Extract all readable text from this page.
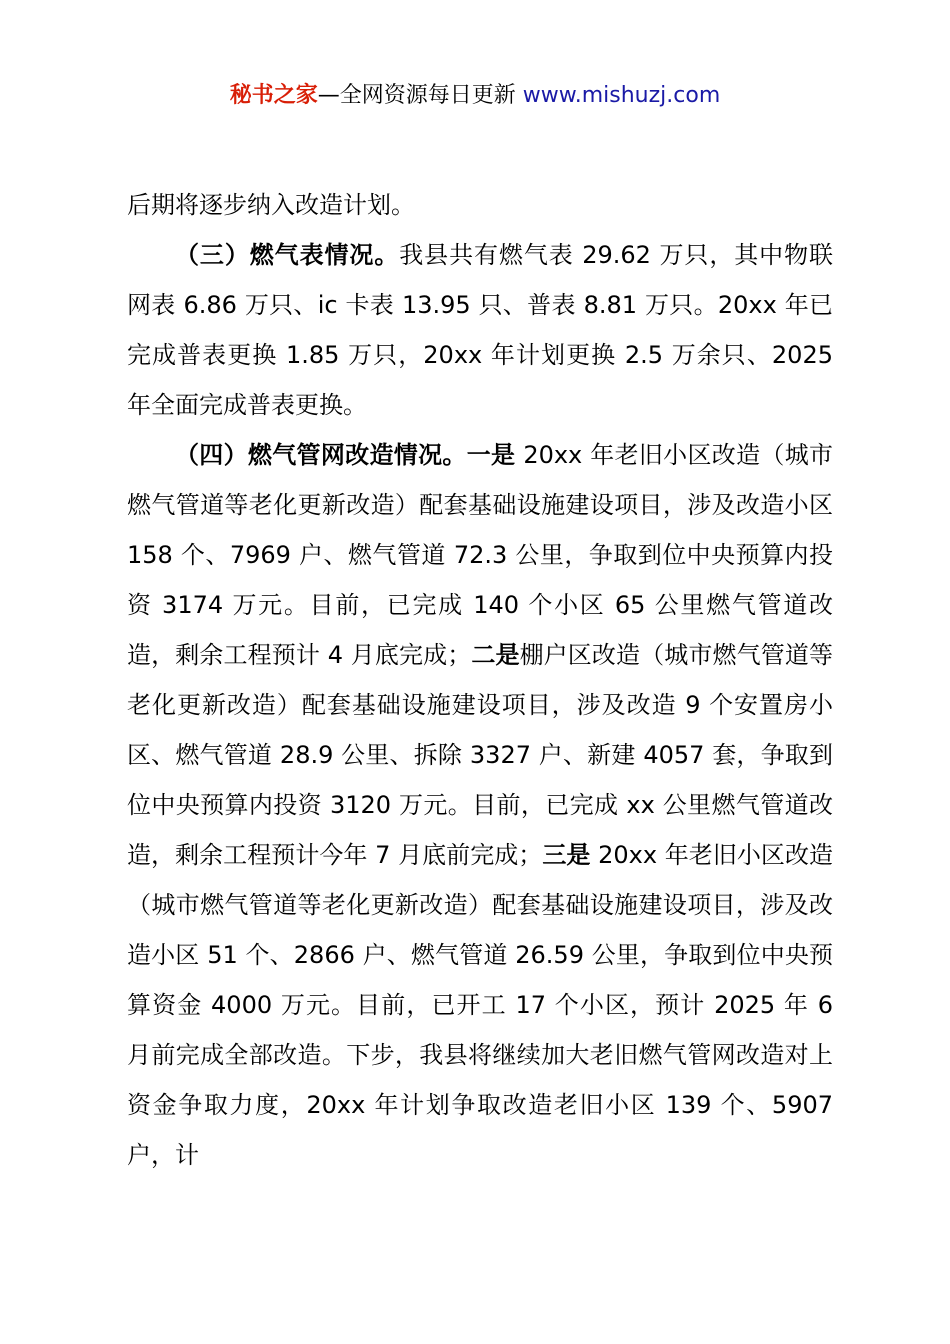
秘书之家—全网资源每日更新 www.mishuzj.com

后期将逐步纳入改造计划。

（三）燃气表情况。我县共有燃气表 29.62 万只，其中物联网表 6.86 万只、ic 卡表 13.95 只、普表 8.81 万只。20xx 年已完成普表更换 1.85 万只，20xx 年计划更换 2.5 万余只、2025 年全面完成普表更换。

（四）燃气管网改造情况。一是 20xx 年老旧小区改造（城市燃气管道等老化更新改造）配套基础设施建设项目，涉及改造小区 158 个、7969 户、燃气管道 72.3 公里，争取到位中央预算内投资 3174 万元。目前，已完成 140 个小区 65 公里燃气管道改造，剩余工程预计 4 月底完成；二是棚户区改造（城市燃气管道等老化更新改造）配套基础设施建设项目，涉及改造 9 个安置房小区、燃气管道 28.9 公里、拆除 3327 户、新建 4057 套，争取到位中央预算内投资 3120 万元。目前，已完成 xx 公里燃气管道改造，剩余工程预计今年 7 月底前完成；三是 20xx 年老旧小区改造（城市燃气管道等老化更新改造）配套基础设施建设项目，涉及改造小区 51 个、2866 户、燃气管道 26.59 公里，争取到位中央预算资金 4000 万元。目前，已开工 17 个小区，预计 2025 年 6 月前完成全部改造。下步，我县将继续加大老旧燃气管网改造对上资金争取力度，20xx 年计划争取改造老旧小区 139 个、5907 户，计
